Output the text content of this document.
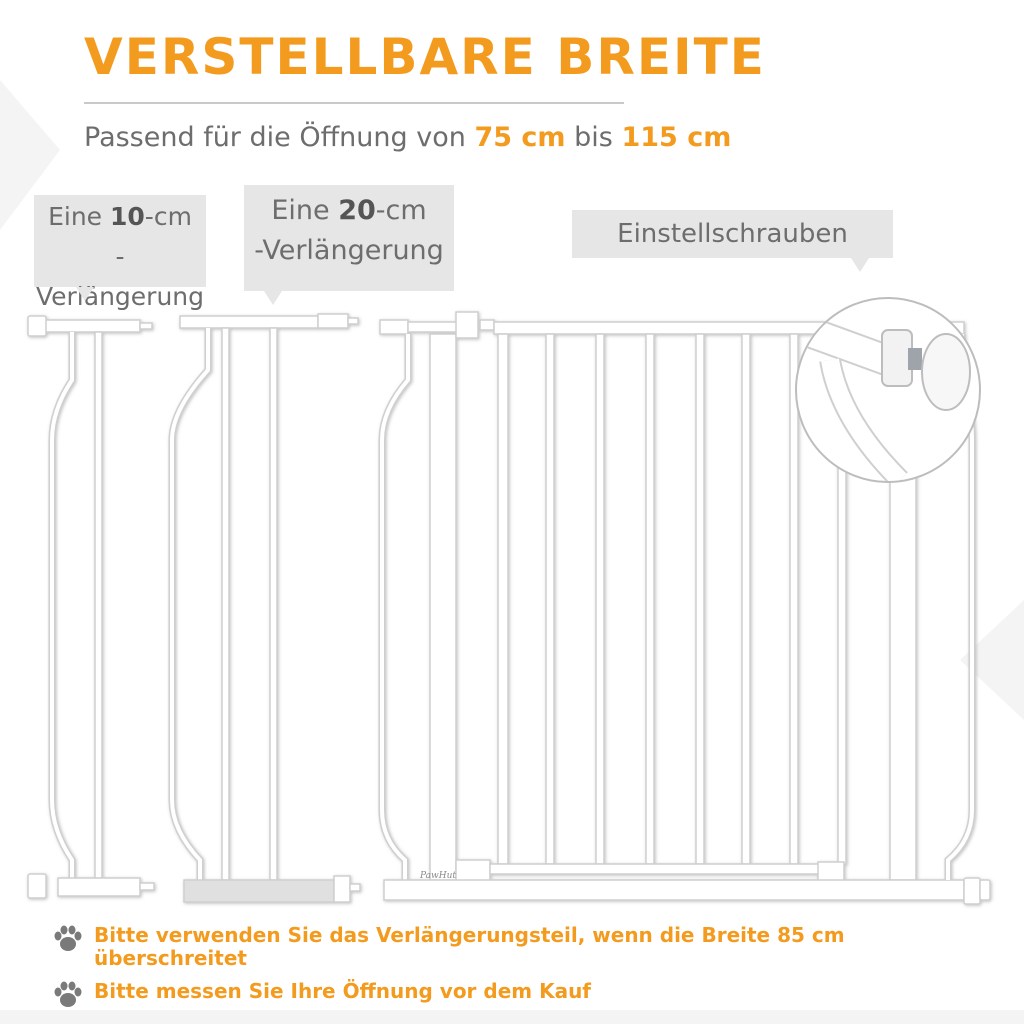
VERSTELLBARE BREITE
Passend für die Öffnung von 75 cm bis 115 cm
Eine 10-cm
-Verlängerung
Eine 20-cm
-Verlängerung
Einstellschrauben
PawHut
Bitte verwenden Sie das Verlängerungsteil, wenn die Breite 85 cm überschreitet
Bitte messen Sie Ihre Öffnung vor dem Kauf
